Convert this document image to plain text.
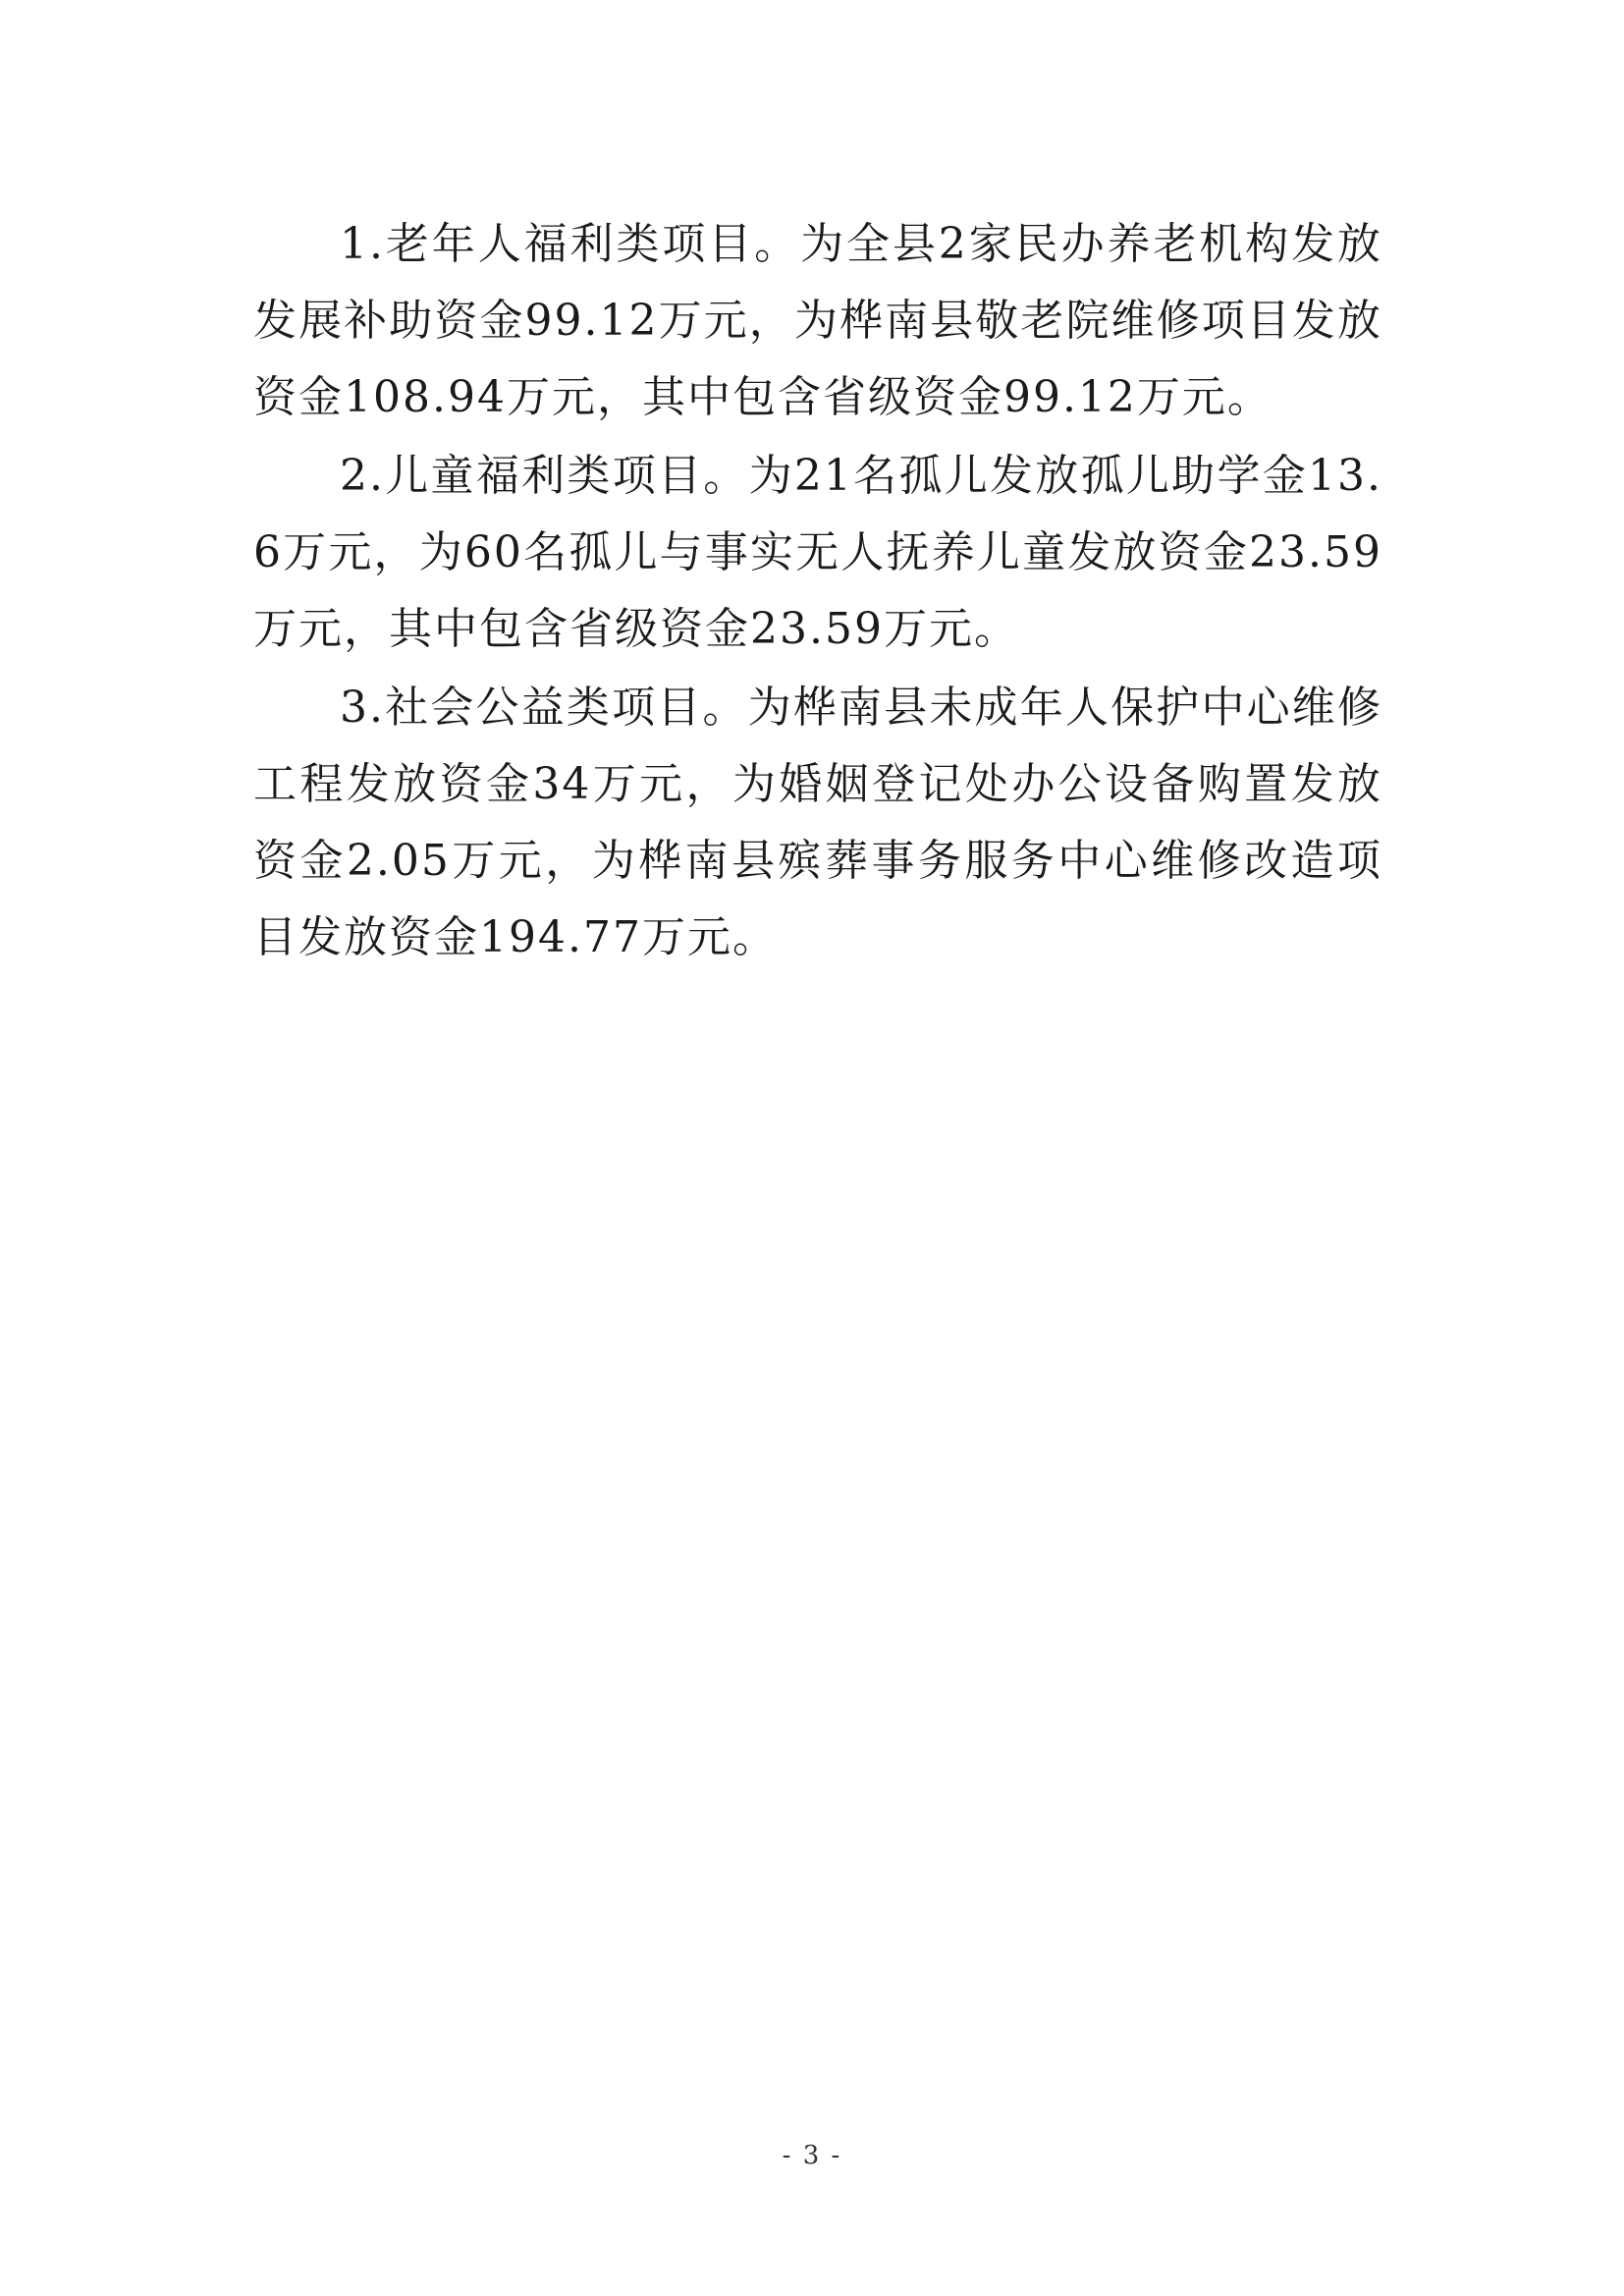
1.老年人福利类项目。为全县2家民办养老机构发放发展补助资金99.12万元，为桦南县敬老院维修项目发放资金108.94万元，其中包含省级资金99.12万元。

2.儿童福利类项目。为21名孤儿发放孤儿助学金13.6万元，为60名孤儿与事实无人抚养儿童发放资金23.59万元，其中包含省级资金23.59万元。

3.社会公益类项目。为桦南县未成年人保护中心维修工程发放资金34万元，为婚姻登记处办公设备购置发放资金2.05万元，为桦南县殡葬事务服务中心维修改造项目发放资金194.77万元。

- 3 -
